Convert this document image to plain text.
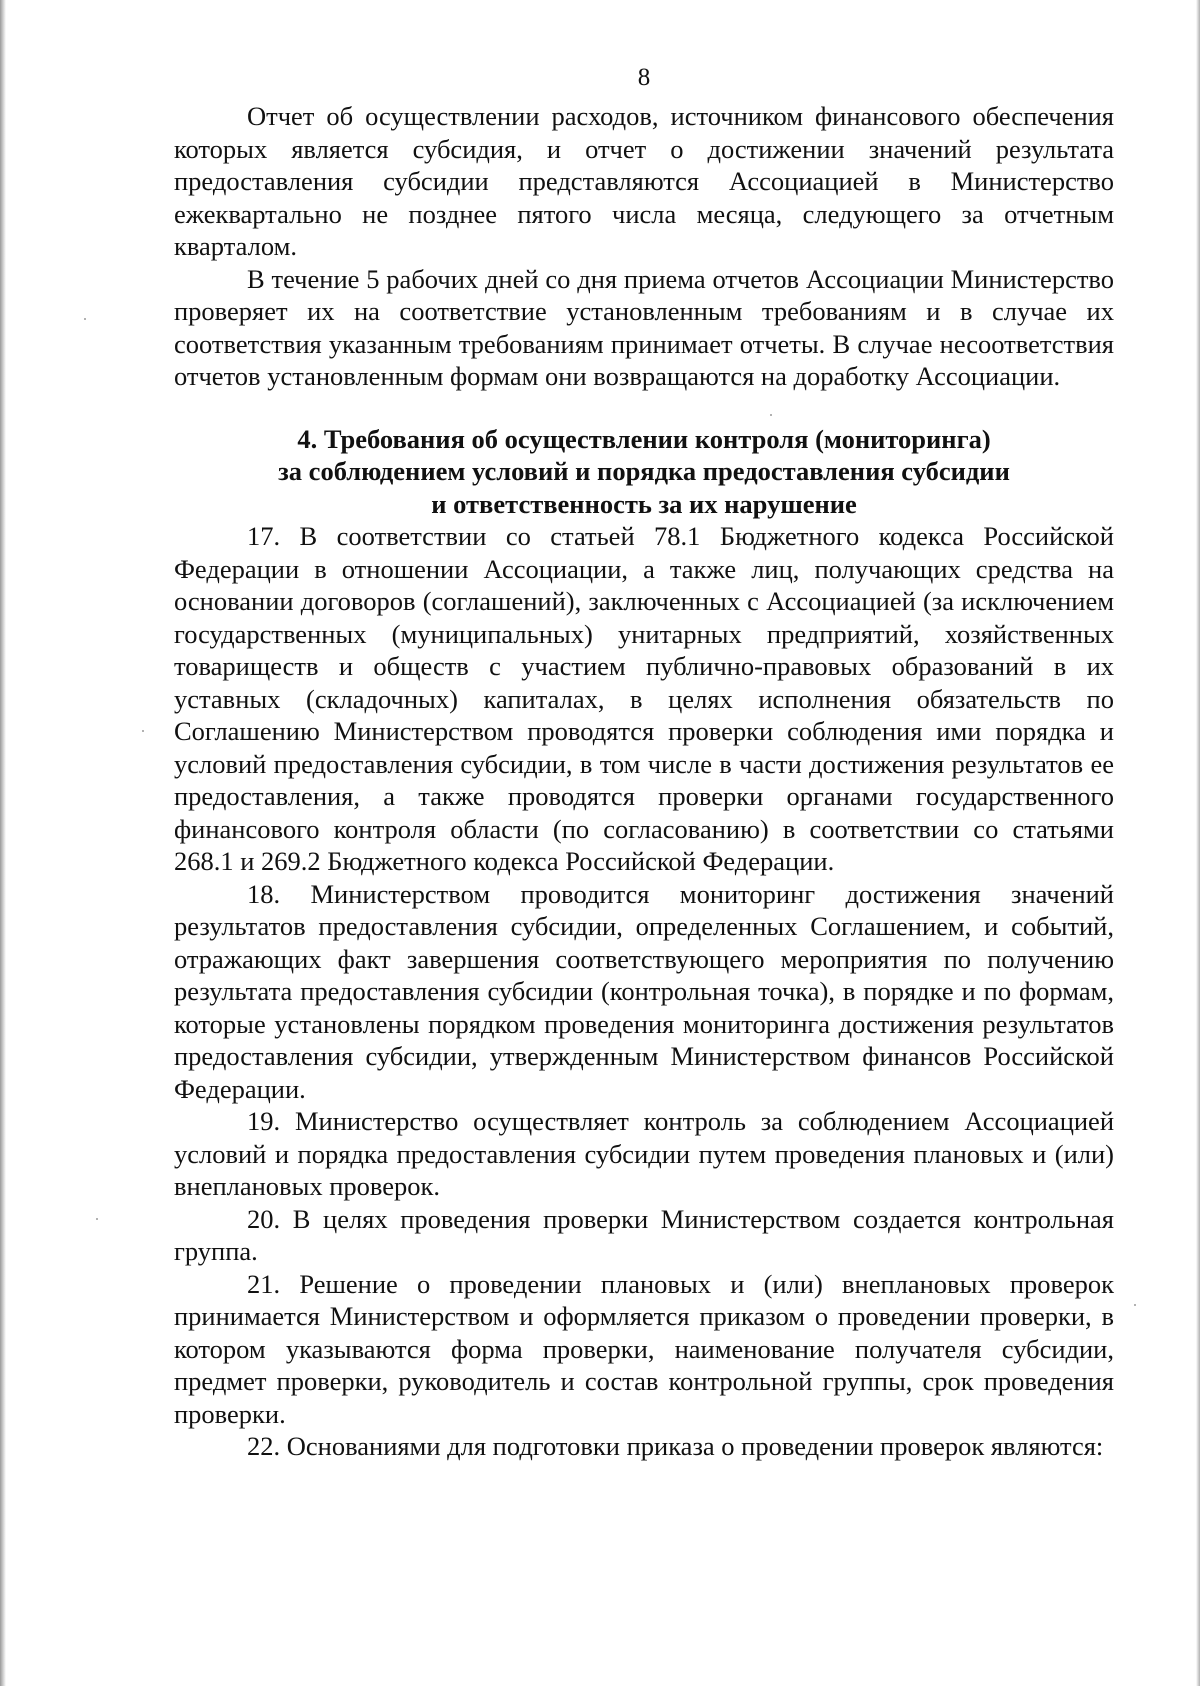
8

Отчет об осуществлении расходов, источником финансового обеспечения которых является субсидия, и отчет о достижении значений результата предоставления субсидии представляются Ассоциацией в Министерство ежеквартально не позднее пятого числа месяца, следующего за отчетным кварталом.

В течение 5 рабочих дней со дня приема отчетов Ассоциации Министерство проверяет их на соответствие установленным требованиям и в случае их соответствия указанным требованиям принимает отчеты. В случае несоответствия отчетов установленным формам они возвращаются на доработку Ассоциации.

4. Требования об осуществлении контроля (мониторинга)
за соблюдением условий и порядка предоставления субсидии
и ответственность за их нарушение

17. В соответствии со статьей 78.1 Бюджетного кодекса Российской Федерации в отношении Ассоциации, а также лиц, получающих средства на основании договоров (соглашений), заключенных с Ассоциацией (за исключением государственных (муниципальных) унитарных предприятий, хозяйственных товариществ и обществ с участием публично-правовых образований в их уставных (складочных) капиталах, в целях исполнения обязательств по Соглашению Министерством проводятся проверки соблюдения ими порядка и условий предоставления субсидии, в том числе в части достижения результатов ее предоставления, а также проводятся проверки органами государственного финансового контроля области (по согласованию) в соответствии со статьями 268.1 и 269.2 Бюджетного кодекса Российской Федерации.

18. Министерством проводится мониторинг достижения значений результатов предоставления субсидии, определенных Соглашением, и событий, отражающих факт завершения соответствующего мероприятия по получению результата предоставления субсидии (контрольная точка), в порядке и по формам, которые установлены порядком проведения мониторинга достижения результатов предоставления субсидии, утвержденным Министерством финансов Российской Федерации.

19. Министерство осуществляет контроль за соблюдением Ассоциацией условий и порядка предоставления субсидии путем проведения плановых и (или) внеплановых проверок.

20. В целях проведения проверки Министерством создается контрольная группа.

21. Решение о проведении плановых и (или) внеплановых проверок принимается Министерством и оформляется приказом о проведении проверки, в котором указываются форма проверки, наименование получателя субсидии, предмет проверки, руководитель и состав контрольной группы, срок проведения проверки.

22. Основаниями для подготовки приказа о проведении проверок являются:
